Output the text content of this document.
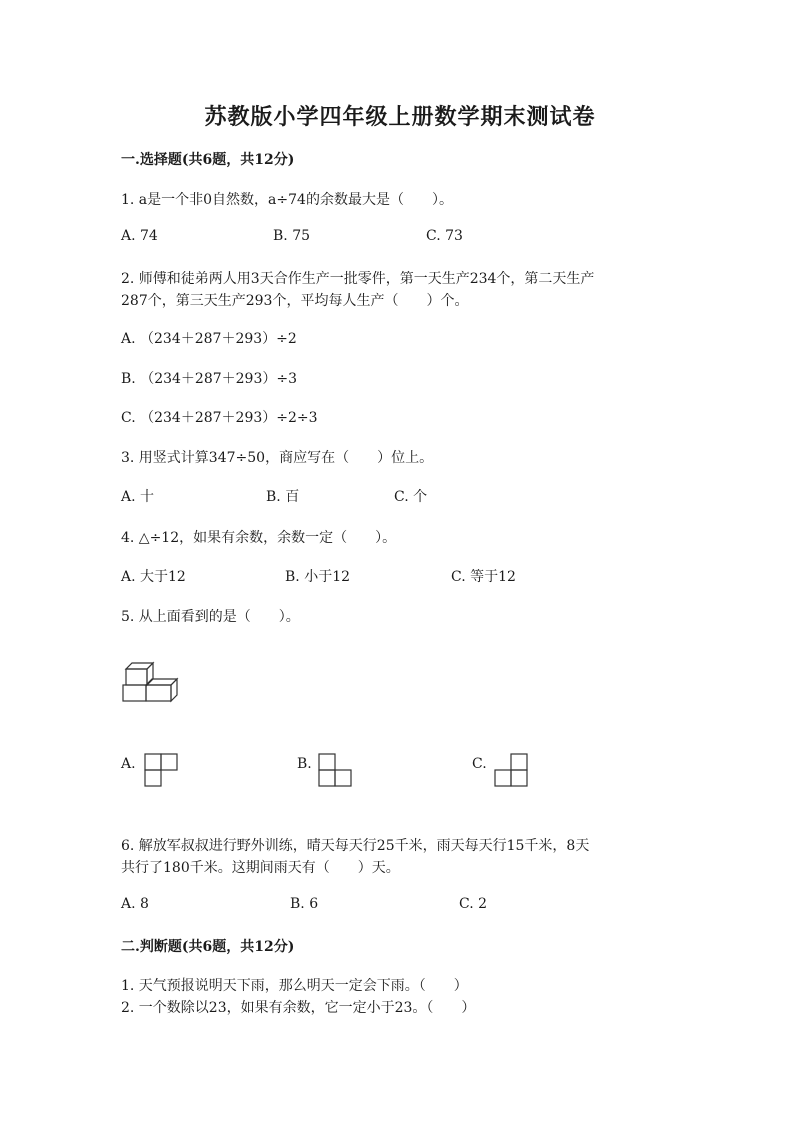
苏教版小学四年级上册数学期末测试卷
一.选择题(共6题，共12分)
1. a是一个非0自然数，a÷74的余数最大是（　　）。
A. 74	B. 75	C. 73
2. 师傅和徒弟两人用3天合作生产一批零件，第一天生产234个，第二天生产
287个，第三天生产293个，平均每人生产（　　）个。
A. （234＋287＋293）÷2
B. （234＋287＋293）÷3
C. （234＋287＋293）÷2÷3
3. 用竖式计算347÷50，商应写在（　　）位上。
A. 十	B. 百	C. 个
4. △÷12，如果有余数，余数一定（　　）。
A. 大于12	B. 小于12	C. 等于12
5. 从上面看到的是（　　）。
A.	B.	C.
6. 解放军叔叔进行野外训练，晴天每天行25千米，雨天每天行15千米，8天
共行了180千米。这期间雨天有（　　）天。
A. 8	B. 6	C. 2
二.判断题(共6题，共12分)
1. 天气预报说明天下雨，那么明天一定会下雨。（　　）
2. 一个数除以23，如果有余数，它一定小于23。（　　）
